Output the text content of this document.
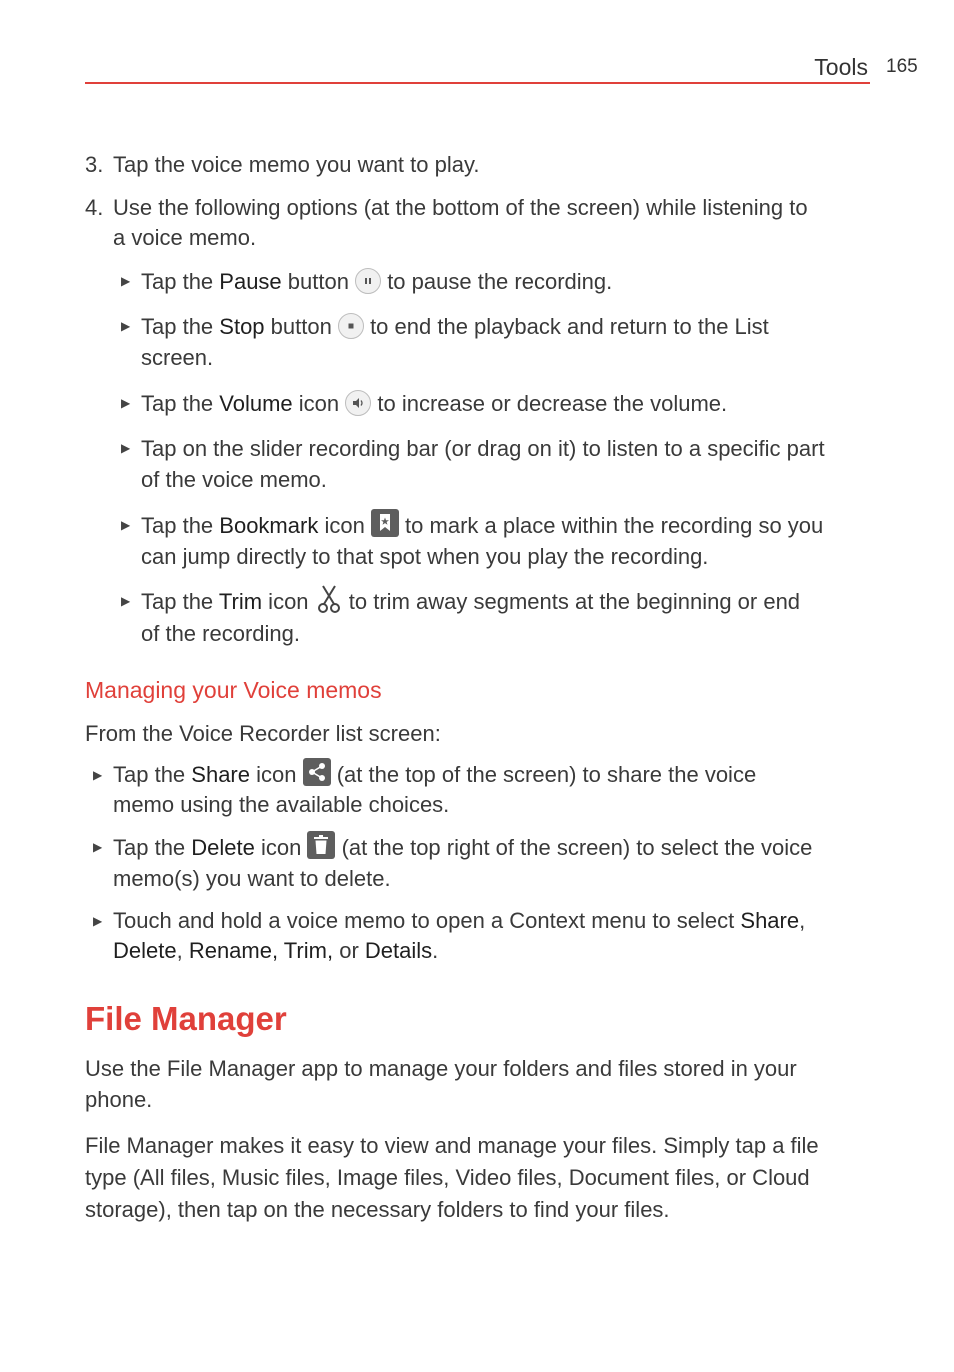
Tools 165
3. Tap the voice memo you want to play.
4. Use the following options (at the bottom of the screen) while listening to
a voice memo.
▶ Tap the Pause button  to pause the recording.
▶ Tap the Stop button  to end the playback and return to the List
screen.
▶ Tap the Volume icon  to increase or decrease the volume.
▶ Tap on the slider recording bar (or drag on it) to listen to a specific part
of the voice memo.
▶ Tap the Bookmark icon  to mark a place within the recording so you
can jump directly to that spot when you play the recording.
▶ Tap the Trim icon  to trim away segments at the beginning or end
of the recording.
Managing your Voice memos
From the Voice Recorder list screen:
▶ Tap the Share icon  (at the top of the screen) to share the voice
memo using the available choices.
▶ Tap the Delete icon  (at the top right of the screen) to select the voice
memo(s) you want to delete.
▶ Touch and hold a voice memo to open a Context menu to select Share,
Delete, Rename, Trim, or Details.
File Manager
Use the File Manager app to manage your folders and files stored in your
phone.
File Manager makes it easy to view and manage your files. Simply tap a file
type (All files, Music files, Image files, Video files, Document files, or Cloud
storage), then tap on the necessary folders to find your files.
